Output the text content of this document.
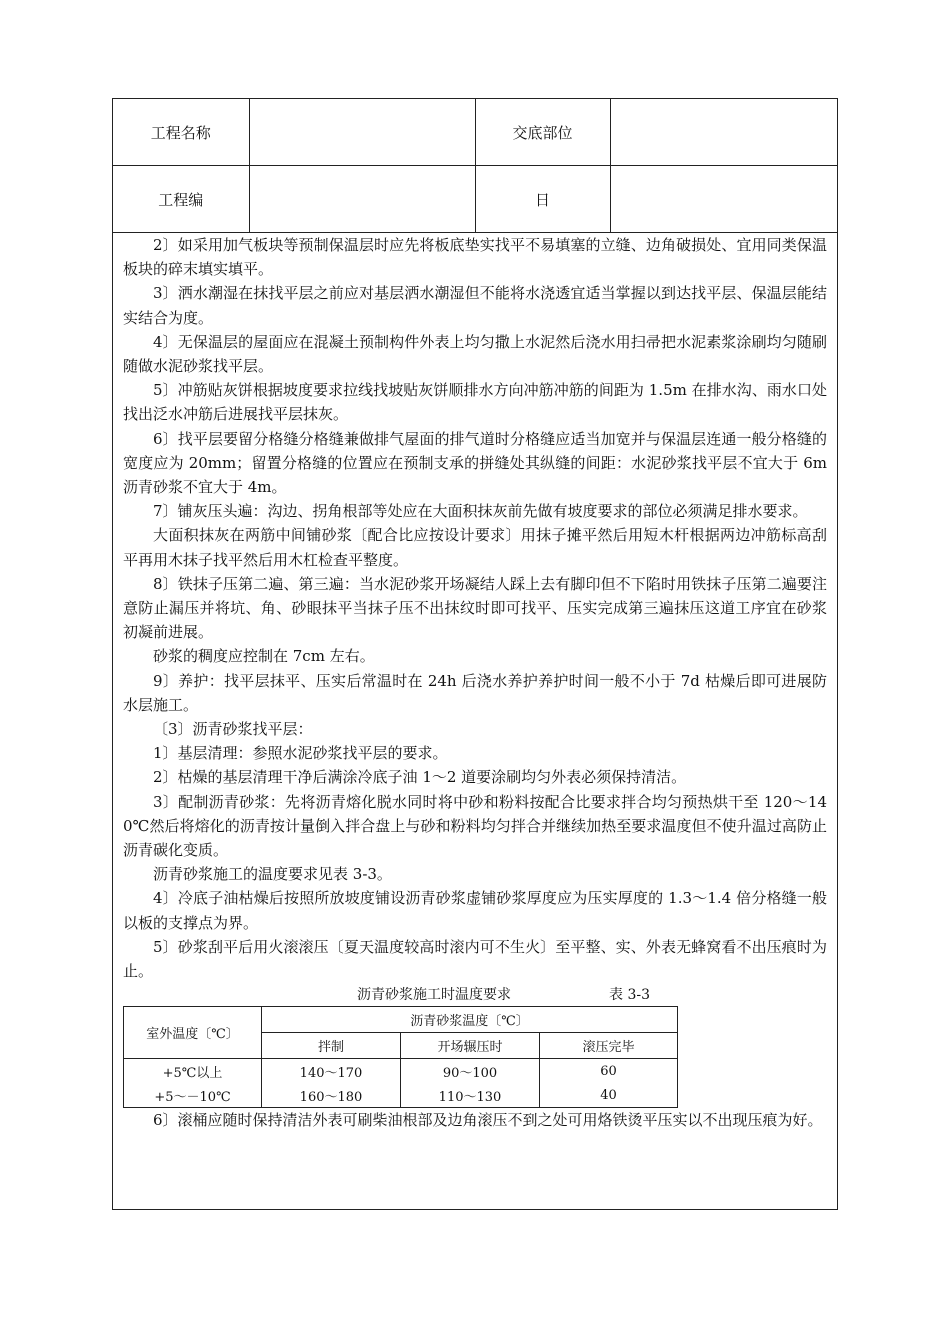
工程名称		交底部位	
工程编		日	

2〕如采用加气板块等预制保温层时应先将板底垫实找平不易填塞的立缝、边角破损处、宜用同类保温板块的碎末填实填平。

3〕洒水潮湿在抹找平层之前应对基层洒水潮湿但不能将水浇透宜适当掌握以到达找平层、保温层能结实结合为度。

4〕无保温层的屋面应在混凝土预制构件外表上均匀撒上水泥然后浇水用扫帚把水泥素浆涂刷均匀随刷随做水泥砂浆找平层。

5〕冲筋贴灰饼根据坡度要求拉线找坡贴灰饼顺排水方向冲筋冲筋的间距为 1.5m 在排水沟、雨水口处找出泛水冲筋后进展找平层抹灰。

6〕找平层要留分格缝分格缝兼做排气屋面的排气道时分格缝应适当加宽并与保温层连通一般分格缝的宽度应为 20mm；留置分格缝的位置应在预制支承的拼缝处其纵缝的间距：水泥砂浆找平层不宜大于 6m 沥青砂浆不宜大于 4m。

7〕铺灰压头遍：沟边、拐角根部等处应在大面积抹灰前先做有坡度要求的部位必须满足排水要求。

大面积抹灰在两筋中间铺砂浆〔配合比应按设计要求〕用抹子摊平然后用短木杆根据两边冲筋标高刮平再用木抹子找平然后用木杠检查平整度。

8〕铁抹子压第二遍、第三遍：当水泥砂浆开场凝结人踩上去有脚印但不下陷时用铁抹子压第二遍要注意防止漏压并将坑、角、砂眼抹平当抹子压不出抹纹时即可找平、压实完成第三遍抹压这道工序宜在砂浆初凝前进展。

砂浆的稠度应控制在 7cm 左右。

9〕养护：找平层抹平、压实后常温时在 24h 后浇水养护养护时间一般不小于 7d 枯燥后即可进展防水层施工。

〔3〕沥青砂浆找平层：

1〕基层清理：参照水泥砂浆找平层的要求。

2〕枯燥的基层清理干净后满涂冷底子油 1～2 道要涂刷均匀外表必须保持清洁。

3〕配制沥青砂浆：先将沥青熔化脱水同时将中砂和粉料按配合比要求拌合均匀预热烘干至 120～140℃然后将熔化的沥青按计量倒入拌合盘上与砂和粉料均匀拌合并继续加热至要求温度但不使升温过高防止沥青碳化变质。

沥青砂浆施工的温度要求见表 3-3。

4〕冷底子油枯燥后按照所放坡度铺设沥青砂浆虚铺砂浆厚度应为压实厚度的 1.3～1.4 倍分格缝一般以板的支撑点为界。

5〕砂浆刮平后用火滚滚压〔夏天温度较高时滚内可不生火〕至平整、实、外表无蜂窝看不出压痕时为止。

沥青砂浆施工时温度要求	表 3-3
室外温度〔℃〕	沥青砂浆温度〔℃〕		
	拌制	开场辗压时	滚压完毕
+5℃以上	140～170	90～100	60
+5～－10℃	160～180	110～130	40

6〕滚桶应随时保持清洁外表可刷柴油根部及边角滚压不到之处可用烙铁烫平压实以不出现压痕为好。
